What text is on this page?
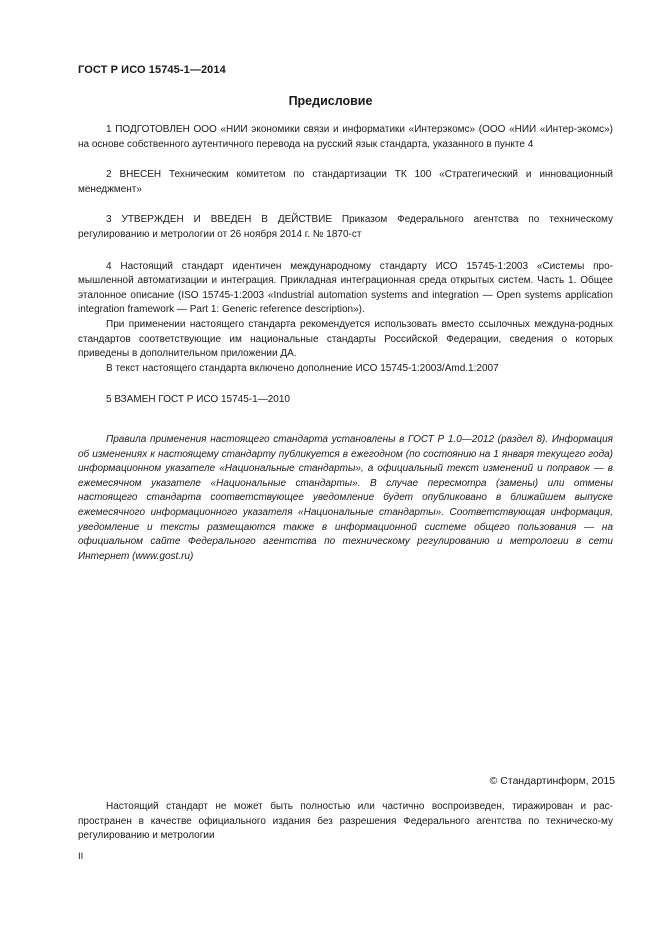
ГОСТ Р ИСО 15745-1—2014
Предисловие

1 ПОДГОТОВЛЕН ООО «НИИ экономики связи и информатики «Интерэкомс» (ООО «НИИ «Интер-экомс») на основе собственного аутентичного перевода на русский язык стандарта, указанного в пункте 4

2 ВНЕСЕН Техническим комитетом по стандартизации ТК 100 «Стратегический и инновационный менеджмент»

3 УТВЕРЖДЕН И ВВЕДЕН В ДЕЙСТВИЕ Приказом Федерального агентства по техническому регулированию и метрологии от 26 ноября 2014 г. № 1870-ст

4 Настоящий стандарт идентичен международному стандарту ИСО 15745-1:2003 «Системы про-мышленной автоматизации и интеграция. Прикладная интеграционная среда открытых систем. Часть 1. Общее эталонное описание (ISO 15745-1:2003 «Industrial automation systems and integration — Open systems application integration framework — Part 1: Generic reference description»).

При применении настоящего стандарта рекомендуется использовать вместо ссылочных междуна-родных стандартов соответствующие им национальные стандарты Российской Федерации, сведения о которых приведены в дополнительном приложении ДА.

В текст настоящего стандарта включено дополнение ИСО 15745-1:2003/Amd.1:2007

5 ВЗАМЕН ГОСТ Р ИСО 15745-1—2010

Правила применения настоящего стандарта установлены в ГОСТ Р 1.0—2012 (раздел 8). Информация об изменениях к настоящему стандарту публикуется в ежегодном (по состоянию на 1 января текущего года) информационном указателе «Национальные стандарты», а официальный текст изменений и поправок — в ежемесячном указателе «Национальные стандарты». В случае пересмотра (замены) или отмены настоящего стандарта соответствующее уведомление будет опубликовано в ближайшем выпуске ежемесячного информационного указателя «Национальные стандарты». Соответствующая информация, уведомление и тексты размещаются также в информационной системе общего пользования — на официальном сайте Федерального агентства по техническому регулированию и метрологии в сети Интернет (www.gost.ru)

© Стандартинформ, 2015

Настоящий стандарт не может быть полностью или частично воспроизведен, тиражирован и рас-пространен в качестве официального издания без разрешения Федерального агентства по техническо-му регулированию и метрологии

II
